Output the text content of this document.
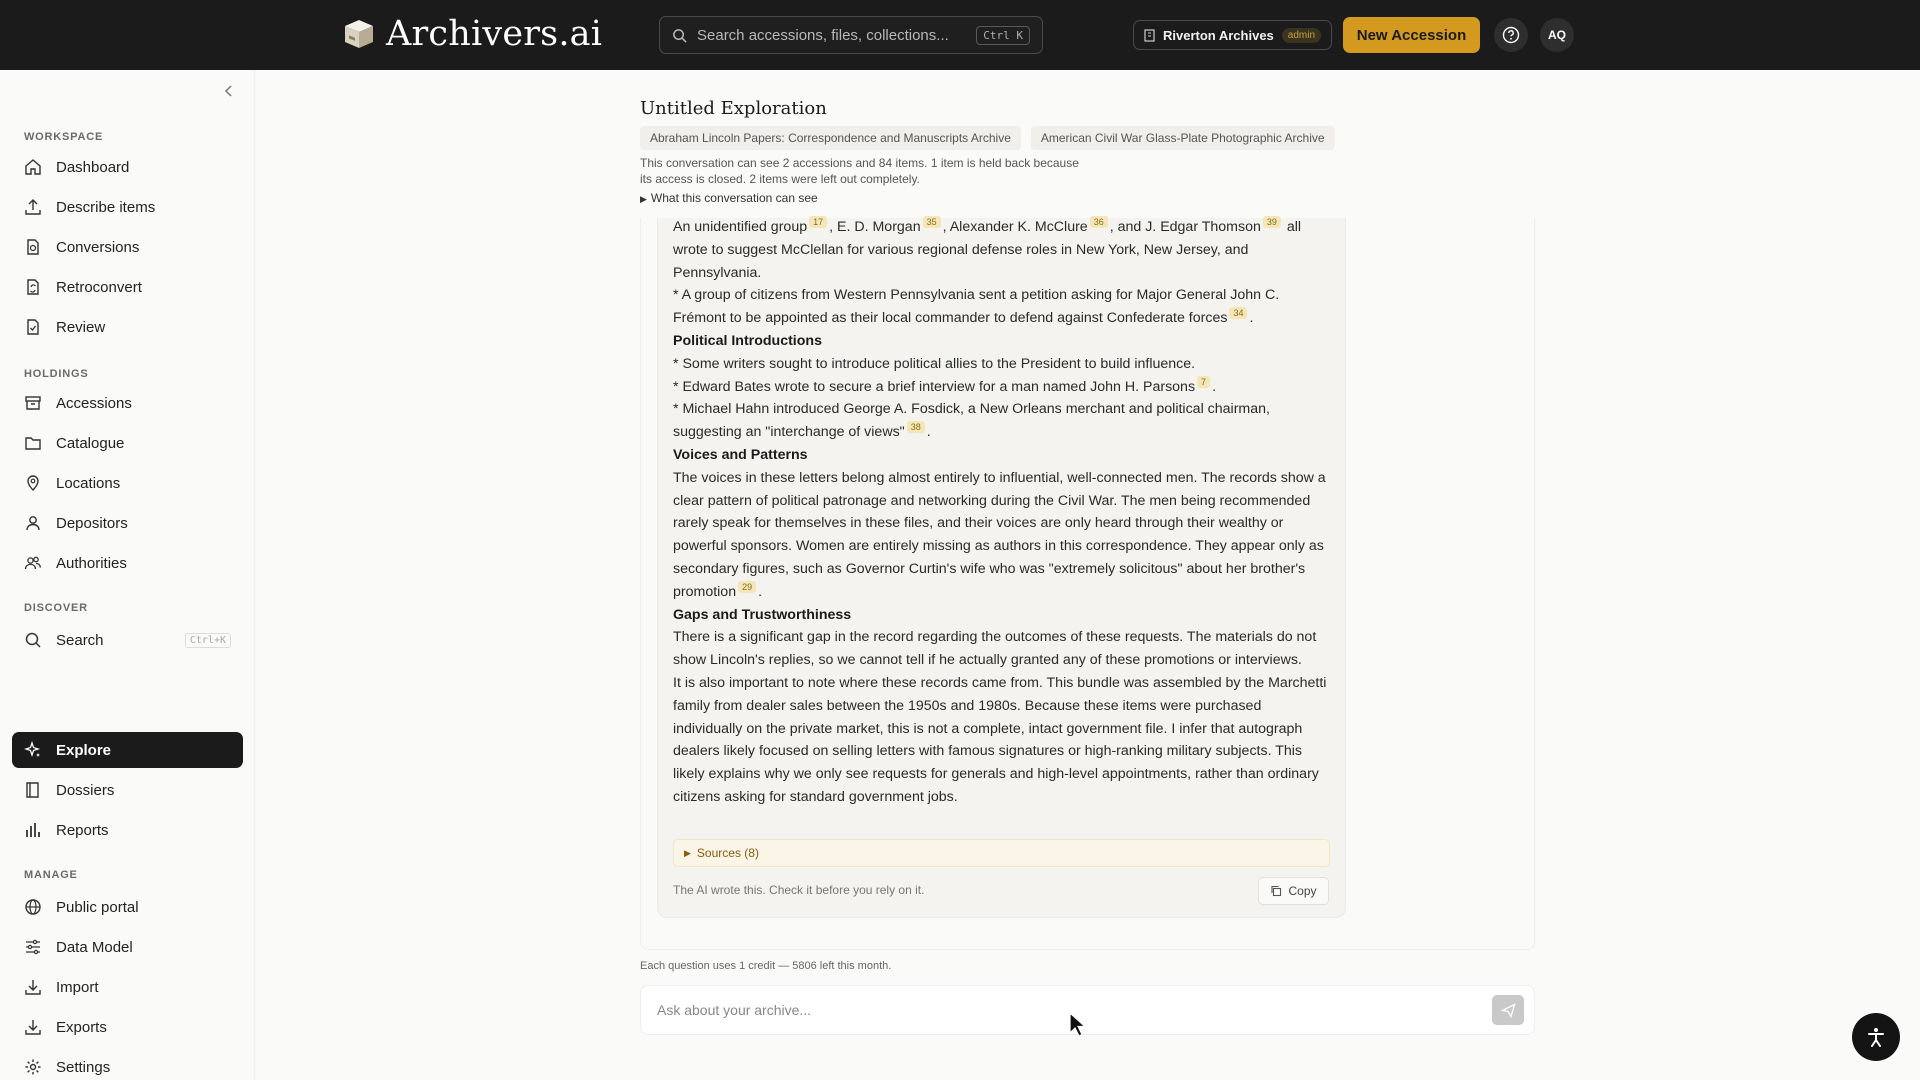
Archivers.ai	Search accessions, files, collections...	Ctrl K	Riverton Archives	admin	New Accession	AQ
WORKSPACE
Dashboard
Describe items
Conversions
Retroconvert
Review
HOLDINGS
Accessions
Catalogue
Locations
Depositors
Authorities
DISCOVER
Search	Ctrl+K
Explore
Dossiers
Reports
MANAGE
Public portal
Data Model
Import
Exports
Settings
Untitled Exploration
Abraham Lincoln Papers: Correspondence and Manuscripts Archive	American Civil War Glass-Plate Photographic Archive
This conversation can see 2 accessions and 84 items. 1 item is held back because its access is closed. 2 items were left out completely.
▶ What this conversation can see

An unidentified group 17 , E. D. Morgan 35 , Alexander K. McClure 36 , and J. Edgar Thomson 39 all wrote to suggest McClellan for various regional defense roles in New York, New Jersey, and Pennsylvania.

* A group of citizens from Western Pennsylvania sent a petition asking for Major General John C. Frémont to be appointed as their local commander to defend against Confederate forces 34 .

Political Introductions

* Some writers sought to introduce political allies to the President to build influence.

* Edward Bates wrote to secure a brief interview for a man named John H. Parsons 7 .

* Michael Hahn introduced George A. Fosdick, a New Orleans merchant and political chairman, suggesting an "interchange of views" 38 .

Voices and Patterns

The voices in these letters belong almost entirely to influential, well-connected men. The records show a clear pattern of political patronage and networking during the Civil War. The men being recommended rarely speak for themselves in these files, and their voices are only heard through their wealthy or powerful sponsors. Women are entirely missing as authors in this correspondence. They appear only as secondary figures, such as Governor Curtin's wife who was "extremely solicitous" about her brother's promotion 29 .

Gaps and Trustworthiness

There is a significant gap in the record regarding the outcomes of these requests. The materials do not show Lincoln's replies, so we cannot tell if he actually granted any of these promotions or interviews.

It is also important to note where these records came from. This bundle was assembled by the Marchetti family from dealer sales between the 1950s and 1980s. Because these items were purchased individually on the private market, this is not a complete, intact government file. I infer that autograph dealers likely focused on selling letters with famous signatures or high-ranking military subjects. This likely explains why we only see requests for generals and high-level appointments, rather than ordinary citizens asking for standard government jobs.

▶ Sources (8)
The AI wrote this. Check it before you rely on it.	Copy
Each question uses 1 credit — 5806 left this month.
Ask about your archive...
